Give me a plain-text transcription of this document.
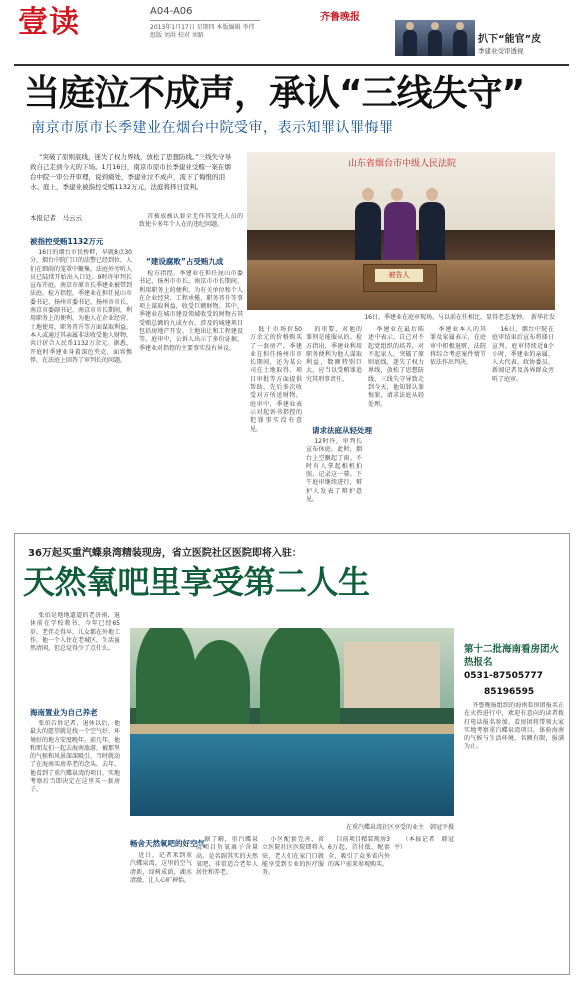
壹读	A04-A06
2013年1月17日 星期四 本版编辑 李伟 组版 刘洪 校对 刘路
齐鲁晚报
扒下“能官”皮
季建业受审透视
当庭泣不成声，承认“三线失守”
南京市原市长季建业在烟台中院受审，表示知罪认罪悔罪
“突破了原则底线，迷失了权力界线，放松了思想防线。”三线失守导致自己走到今天的下场。1月16日，南京市原市长季建业受贿一案在烟台中院一审公开审理，说到痛处，季建业泣不成声，流下了悔恨的泪水。庭上，季建业被指控受贿1132万元，法庭将择日宣判。
本报记者　马云云
被指控受贿1132万元

16日的烟台市民桥畔，早就8点30分，烟台中院门口的法警已经到位，人们在细雨的笼罩中聚集，法庭外旁听人员已陆续开始出入口处。9时许审判长宣布开庭，南京市原市长季建业被带到法庭。检方指控，季建业在担任昆山市委书记、扬州市委书记、扬州市市长、南京市委副书记、南京市市长期间，利用职务上的便利，为他人在企业经营、土地使用、职务晋升等方面谋取利益，本人或通过其亲属非法收受他人财物，共计折合人民币1132万余元。据悉，开庭时季建业身着深色夹克，面容憔悴，在法庭上回答了审判长的问题。

首被成被认罪全无作其受托人员的致使卡多年个人在的违纪问题。

“建设腐败”占受贿九成

检方指控，季建业在担任昆山市委书记、扬州市市长、南京市市长期间，利用职务上的便利，为有关单位和个人在企业经营、工程承揽、职务晋升等事项上谋取利益，收受巨额财物。其中，季建业在城市建设领域收受的财物占其受贿总额的九成左右，涉及的城建项目包括房地产开发、土地出让和工程建设等。庭审中，公诉人出示了多份证据，季建业对指控的主要事实没有异议。

山东省烟台市中级人民法院
被告人
16日，季建业在庭审现场。与以前在任相比，显得老态龙钟。　新华社发

低于市场价50万余元的价格购买了一套房产，季建业在担任扬州市市长期间，还为某公司在土地取得、项目审批等方面提供帮助，先后多次收受对方所送财物。庭审中，季建业表示对起诉书指控的犯罪事实没有意见。

的重要，对他的罪刑是能服从的。检方指出，季建业利用职务便利为他人谋取利益，数额特别巨大，应当以受贿罪追究其刑事责任。

请求法庭从轻处理

12时许，审判长宣布休庭。此时，烟台上空飘起了雨。不时有人拿起相机拍照，记录这一幕。下午庭审继续进行，辩护人发表了辩护意见。

季建业在最后陈述中表示，自己对不起党组织的培养，对不起家人，突破了原则底线，迷失了权力界线，放松了思想防线，三线失守导致走到今天，他知罪认罪悔罪，请求法庭从轻处理。

季建业本人的其罪及家属表示，在庭审中积极退赃，法院将综合考虑案件情节依法作出判决。

16日，烟台中院在庭审结束后宣布将择日宣判。庭审持续近8个小时，季建业的亲属、人大代表、政协委员、新闻记者及各界群众旁听了庭审。

36万起买重汽蝶泉湾精装现房，省立医院社区医院即将入驻：
天然氧吧里享受第二人生

张伯是地地道道的老济南，退休前在学校教书，今年已经65岁。老伴走得早，儿女都在外地工作，他一个人住在老城区，生活虽然清闲，但总觉得少了点什么。

海南置业为自己养老

张伯告诉记者，退休以后，他最大的愿望就是找一个空气好、环境好的地方安度晚年。前几年，他和朋友们一起去海南旅游，被那里的气候和风景深深吸引，当时就动了在海南买房养老的念头。去年，他看到了重汽蝶泉湾的项目，实地考察后当即决定在这里买一套房子。

在重汽蝶泉湾社区享受的业主　韩冠平摄
畅舍天然氧吧的好空气

近日，记者来到重汽蝶泉湾，这里的空气清新，绿树成荫，湖水清澈，让人心旷神怡。

据了解，重汽蝶泉湾项目负氧离子含量高，是名副其实的天然氧吧，非常适合老年人居住和养老。

小区配套完善，省立医院社区医院即将入驻，老人们在家门口就能享受到专业的医疗服务。

目前项目精装现房36万起，首付低、配套全，吸引了众多省内外的客户前来参观购买。

（本报记者　韩冠平）

第十二批海南看房团火热报名
0531-87505777
85196595

齐鲁晚报组织的海南看房团报名正在火热进行中，欢迎有意向的读者拨打电话报名参加。看房团将带领大家实地考察重汽蝶泉湾项目，体验海南的气候与生活环境，名额有限，报满为止。
